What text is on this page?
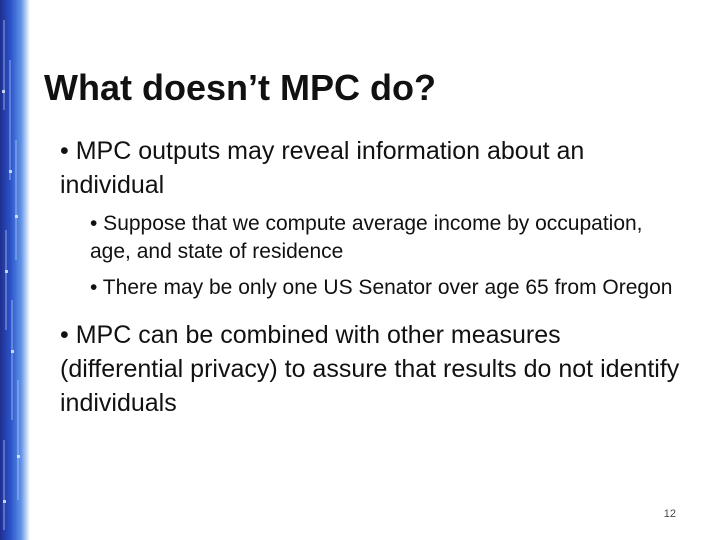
What doesn’t MPC do?

• MPC outputs may reveal information about an individual

• Suppose that we compute average income by occupation, age, and state of residence

• There may be only one US Senator over age 65 from Oregon

• MPC can be combined with other measures (differential privacy) to assure that results do not identify individuals

12
